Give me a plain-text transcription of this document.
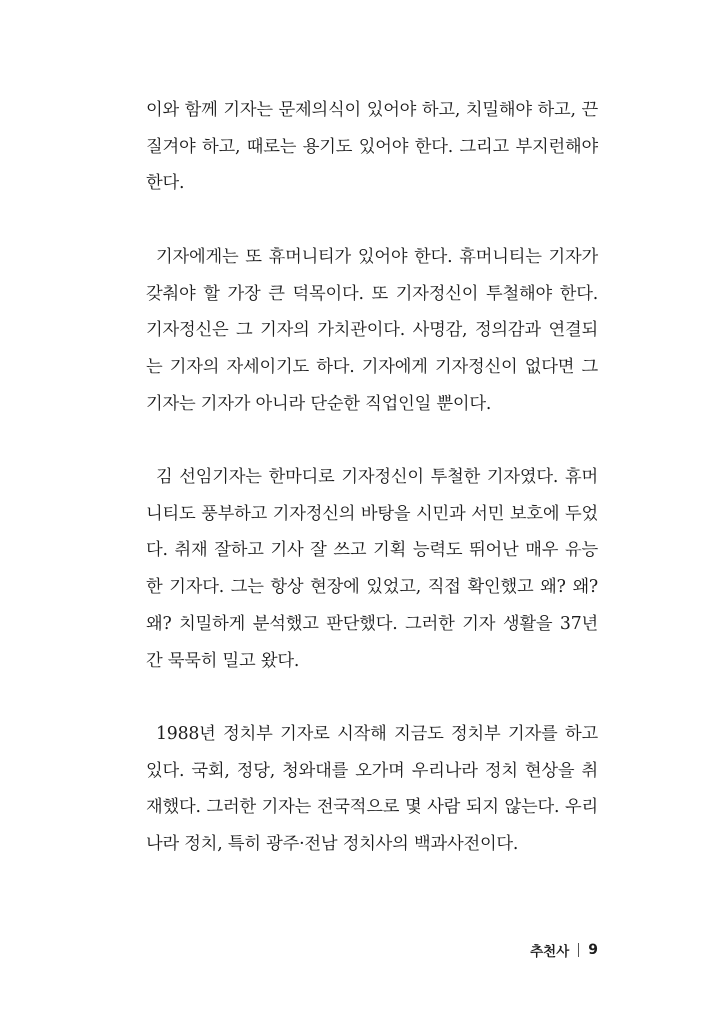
이와 함께 기자는 문제의식이 있어야 하고, 치밀해야 하고, 끈질겨야 하고, 때로는 용기도 있어야 한다. 그리고 부지런해야 한다.

기자에게는 또 휴머니티가 있어야 한다. 휴머니티는 기자가 갖춰야 할 가장 큰 덕목이다. 또 기자정신이 투철해야 한다. 기자정신은 그 기자의 가치관이다. 사명감, 정의감과 연결되는 기자의 자세이기도 하다. 기자에게 기자정신이 없다면 그 기자는 기자가 아니라 단순한 직업인일 뿐이다.

김 선임기자는 한마디로 기자정신이 투철한 기자였다. 휴머니티도 풍부하고 기자정신의 바탕을 시민과 서민 보호에 두었다. 취재 잘하고 기사 잘 쓰고 기획 능력도 뛰어난 매우 유능한 기자다. 그는 항상 현장에 있었고, 직접 확인했고 왜? 왜? 왜? 치밀하게 분석했고 판단했다. 그러한 기자 생활을 37년간 묵묵히 밀고 왔다.

1988년 정치부 기자로 시작해 지금도 정치부 기자를 하고 있다. 국회, 정당, 청와대를 오가며 우리나라 정치 현상을 취재했다. 그러한 기자는 전국적으로 몇 사람 되지 않는다. 우리나라 정치, 특히 광주·전남 정치사의 백과사전이다.

추천사 9
